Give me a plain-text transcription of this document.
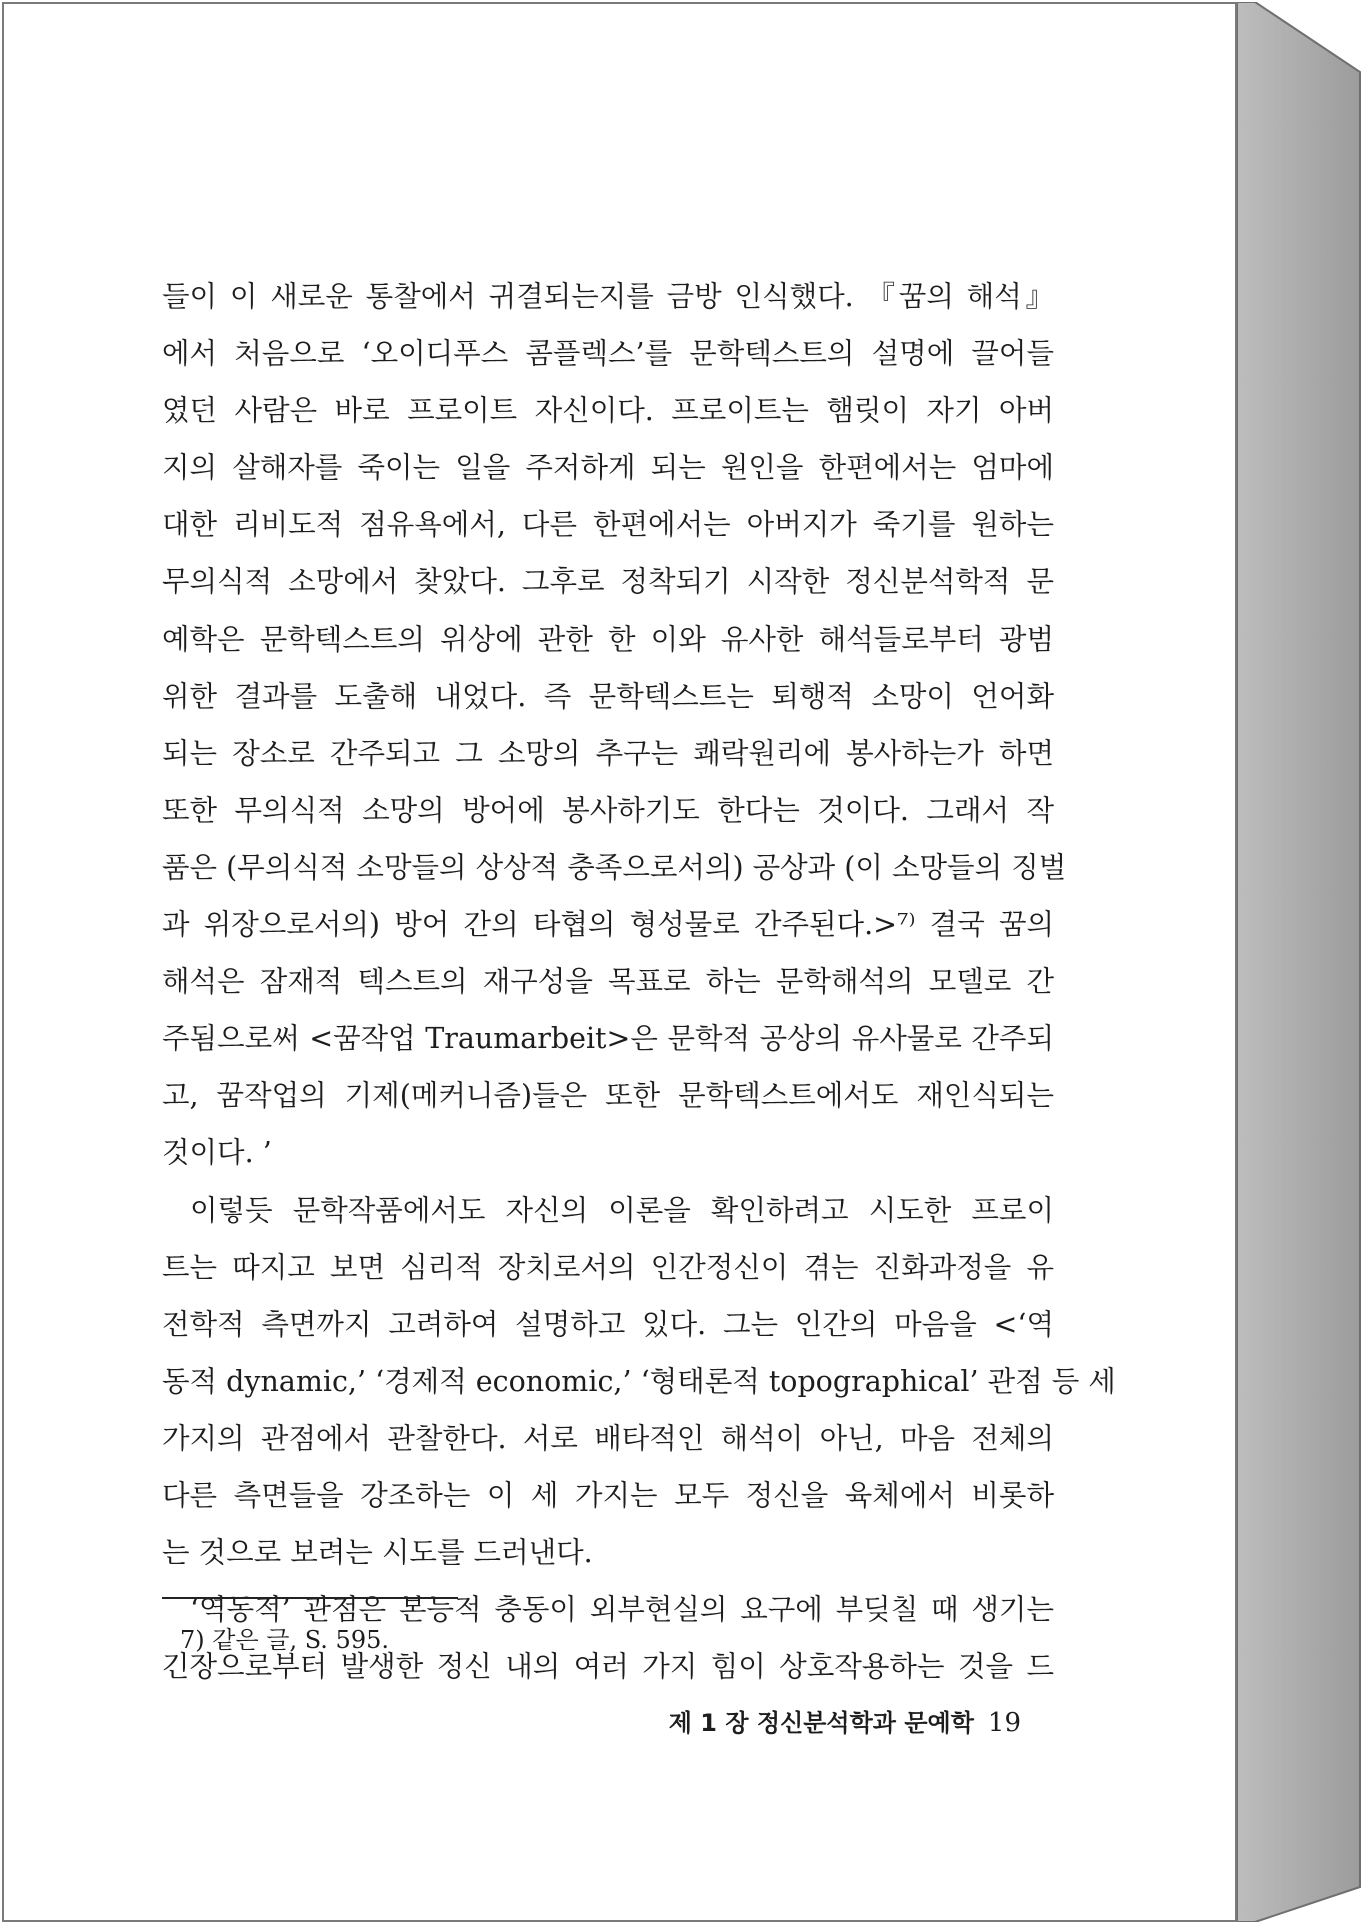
들이 이 새로운 통찰에서 귀결되는지를 금방 인식했다. 『꿈의 해석』
에서 처음으로 ‘오이디푸스 콤플렉스’를 문학텍스트의 설명에 끌어들
였던 사람은 바로 프로이트 자신이다. 프로이트는 햄릿이 자기 아버
지의 살해자를 죽이는 일을 주저하게 되는 원인을 한편에서는 엄마에
대한 리비도적 점유욕에서, 다른 한편에서는 아버지가 죽기를 원하는
무의식적 소망에서 찾았다. 그후로 정착되기 시작한 정신분석학적 문
예학은 문학텍스트의 위상에 관한 한 이와 유사한 해석들로부터 광범
위한 결과를 도출해 내었다. 즉 문학텍스트는 퇴행적 소망이 언어화
되는 장소로 간주되고 그 소망의 추구는 쾌락원리에 봉사하는가 하면
또한 무의식적 소망의 방어에 봉사하기도 한다는 것이다. 그래서 작
품은 (무의식적 소망들의 상상적 충족으로서의) 공상과 (이 소망들의 징벌
과 위장으로서의) 방어 간의 타협의 형성물로 간주된다.>⁷⁾ 결국 꿈의
해석은 잠재적 텍스트의 재구성을 목표로 하는 문학해석의 모델로 간
주됨으로써 <꿈작업 Traumarbeit>은 문학적 공상의 유사물로 간주되
고, 꿈작업의 기제(메커니즘)들은 또한 문학텍스트에서도 재인식되는
것이다. ’
이렇듯 문학작품에서도 자신의 이론을 확인하려고 시도한 프로이
트는 따지고 보면 심리적 장치로서의 인간정신이 겪는 진화과정을 유
전학적 측면까지 고려하여 설명하고 있다. 그는 인간의 마음을 <‘역
동적 dynamic,’ ‘경제적 economic,’ ‘형태론적 topographical’ 관점 등 세
가지의 관점에서 관찰한다. 서로 배타적인 해석이 아닌, 마음 전체의
다른 측면들을 강조하는 이 세 가지는 모두 정신을 육체에서 비롯하
는 것으로 보려는 시도를 드러낸다.
‘역동적’ 관점은 본능적 충동이 외부현실의 요구에 부딪칠 때 생기는
긴장으로부터 발생한 정신 내의 여러 가지 힘이 상호작용하는 것을 드
7) 같은 글, S. 595.
제 1 장 정신분석학과 문예학 19
